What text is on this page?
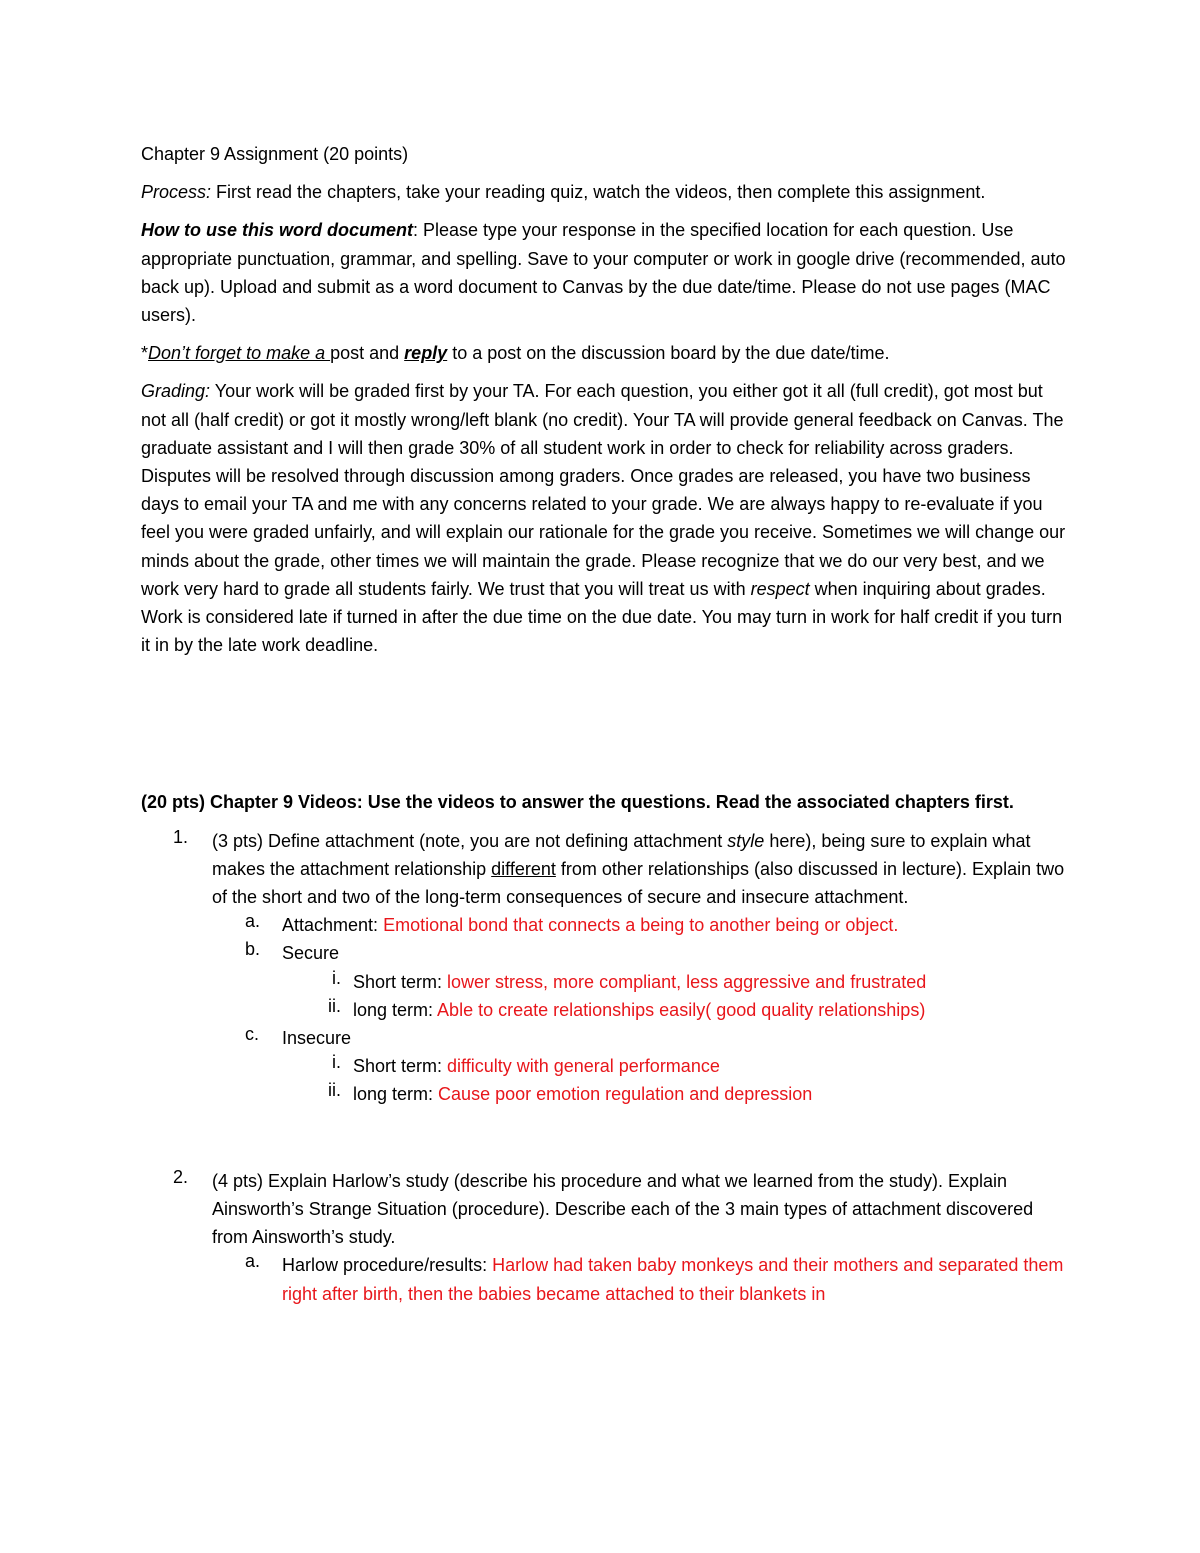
Chapter 9 Assignment (20 points)

Process: First read the chapters, take your reading quiz, watch the videos, then complete this assignment.

How to use this word document: Please type your response in the specified location for each question. Use appropriate punctuation, grammar, and spelling. Save to your computer or work in google drive (recommended, auto back up). Upload and submit as a word document to Canvas by the due date/time. Please do not use pages (MAC users).

*Don’t forget to make a post and reply to a post on the discussion board by the due date/time.

Grading: Your work will be graded first by your TA. For each question, you either got it all (full credit), got most but not all (half credit) or got it mostly wrong/left blank (no credit). Your TA will provide general feedback on Canvas. The graduate assistant and I will then grade 30% of all student work in order to check for reliability across graders. Disputes will be resolved through discussion among graders. Once grades are released, you have two business days to email your TA and me with any concerns related to your grade. We are always happy to re-evaluate if you feel you were graded unfairly, and will explain our rationale for the grade you receive. Sometimes we will change our minds about the grade, other times we will maintain the grade. Please recognize that we do our very best, and we work very hard to grade all students fairly. We trust that you will treat us with respect when inquiring about grades. Work is considered late if turned in after the due time on the due date. You may turn in work for half credit if you turn it in by the late work deadline.

(20 pts) Chapter 9 Videos: Use the videos to answer the questions. Read the associated chapters first.

1. (3 pts) Define attachment (note, you are not defining attachment style here), being sure to explain what makes the attachment relationship different from other relationships (also discussed in lecture). Explain two of the short and two of the long-term consequences of secure and insecure attachment.

a.	Attachment: Emotional bond that connects a being to another being or object.

b.	Secure

i. Short term: lower stress, more compliant, less aggressive and frustrated

ii. long term: Able to create relationships easily( good quality relationships)

c.	Insecure

i. Short term: difficulty with general performance

ii. long term: Cause poor emotion regulation and depression

2. (4 pts) Explain Harlow’s study (describe his procedure and what we learned from the study). Explain Ainsworth’s Strange Situation (procedure). Describe each of the 3 main types of attachment discovered from Ainsworth’s study.

a.	Harlow procedure/results: Harlow had taken baby monkeys and their mothers and separated them right after birth, then the babies became attached to their blankets in
